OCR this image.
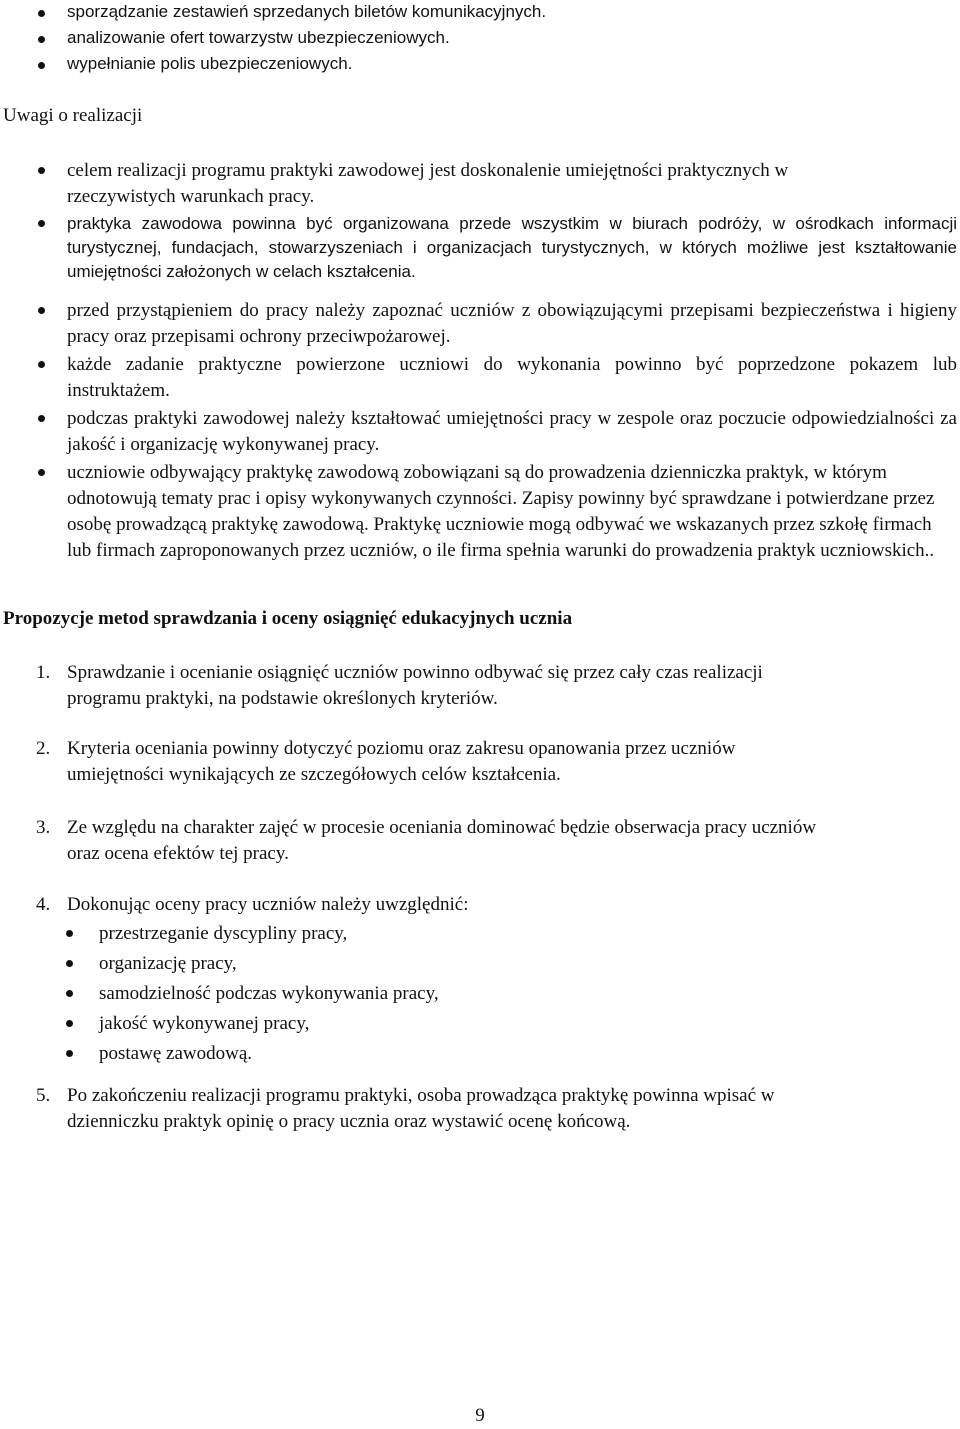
sporządzanie zestawień sprzedanych biletów komunikacyjnych.
analizowanie ofert towarzystw ubezpieczeniowych.
wypełnianie polis ubezpieczeniowych.
Uwagi o realizacji
celem realizacji programu praktyki zawodowej jest doskonalenie umiejętności praktycznych w
rzeczywistych warunkach pracy.
praktyka zawodowa powinna być organizowana przede wszystkim w biurach podróży, w ośrodkach informacji turystycznej, fundacjach, stowarzyszeniach i organizacjach turystycznych, w których możliwe jest kształtowanie umiejętności założonych w celach kształcenia.
przed przystąpieniem do pracy należy zapoznać uczniów z obowiązującymi przepisami bezpieczeństwa i higieny pracy oraz przepisami ochrony przeciwpożarowej.
każde zadanie praktyczne powierzone uczniowi do wykonania powinno być poprzedzone pokazem lub instruktażem.
podczas praktyki zawodowej należy kształtować umiejętności pracy w zespole oraz poczucie odpowiedzialności za jakość i organizację wykonywanej pracy.
uczniowie odbywający praktykę zawodową zobowiązani są do prowadzenia dzienniczka praktyk, w którym odnotowują tematy prac i opisy wykonywanych czynności. Zapisy powinny być sprawdzane i potwierdzane przez osobę prowadzącą praktykę zawodową. Praktykę uczniowie mogą odbywać we wskazanych przez szkołę firmach lub firmach zaproponowanych przez uczniów, o ile firma spełnia warunki do prowadzenia praktyk uczniowskich..
Propozycje metod sprawdzania i oceny osiągnięć edukacyjnych ucznia
1. Sprawdzanie i ocenianie osiągnięć uczniów powinno odbywać się przez cały czas realizacji
programu praktyki, na podstawie określonych kryteriów.
2. Kryteria oceniania powinny dotyczyć poziomu oraz zakresu opanowania przez uczniów
umiejętności wynikających ze szczegółowych celów kształcenia.
3. Ze względu na charakter zajęć w procesie oceniania dominować będzie obserwacja pracy uczniów
oraz ocena efektów tej pracy.
4. Dokonując oceny pracy uczniów należy uwzględnić:
przestrzeganie dyscypliny pracy,
organizację pracy,
samodzielność podczas wykonywania pracy,
jakość wykonywanej pracy,
postawę zawodową.
5. Po zakończeniu realizacji programu praktyki, osoba prowadząca praktykę powinna wpisać w
dzienniczku praktyk opinię o pracy ucznia oraz wystawić ocenę końcową.
9
